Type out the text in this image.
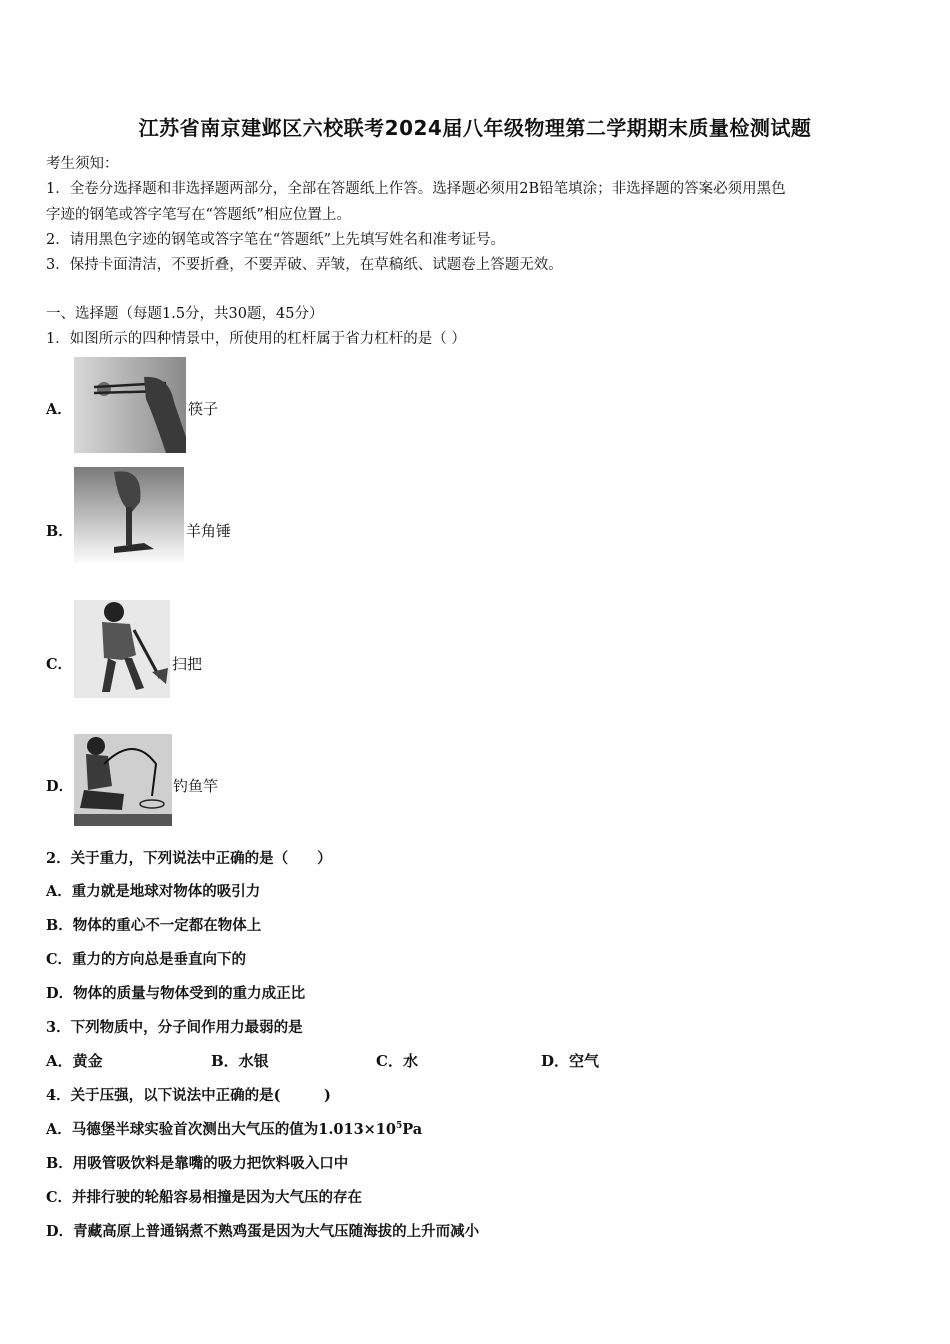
江苏省南京建邺区六校联考2024届八年级物理第二学期期末质量检测试题
考生须知：
1．全卷分选择题和非选择题两部分，全部在答题纸上作答。选择题必须用2B铅笔填涂；非选择题的答案必须用黑色
字迹的钢笔或答字笔写在“答题纸”相应位置上。
2．请用黑色字迹的钢笔或答字笔在“答题纸”上先填写姓名和准考证号。
3．保持卡面清洁，不要折叠，不要弄破、弄皱，在草稿纸、试题卷上答题无效。
一、选择题（每题1.5分，共30题，45分）
1．如图所示的四种情景中，所使用的杠杆属于省力杠杆的是（ ）
A．	筷子
B．	羊角锤
C．	扫把
D．	钓鱼竿
2．关于重力，下列说法中正确的是（　　）
A．重力就是地球对物体的吸引力
B．物体的重心不一定都在物体上
C．重力的方向总是垂直向下的
D．物体的质量与物体受到的重力成正比
3．下列物质中，分子间作用力最弱的是
A．黄金	B．水银	C．水	D．空气
4．关于压强，以下说法中正确的是(　　　)
A．马德堡半球实验首次测出大气压的值为$1.013\times 10^5Pa$
B．用吸管吸饮料是靠嘴的吸力把饮料吸入口中
C．并排行驶的轮船容易相撞是因为大气压的存在
D．青藏高原上普通锅煮不熟鸡蛋是因为大气压随海拔的上升而减小
